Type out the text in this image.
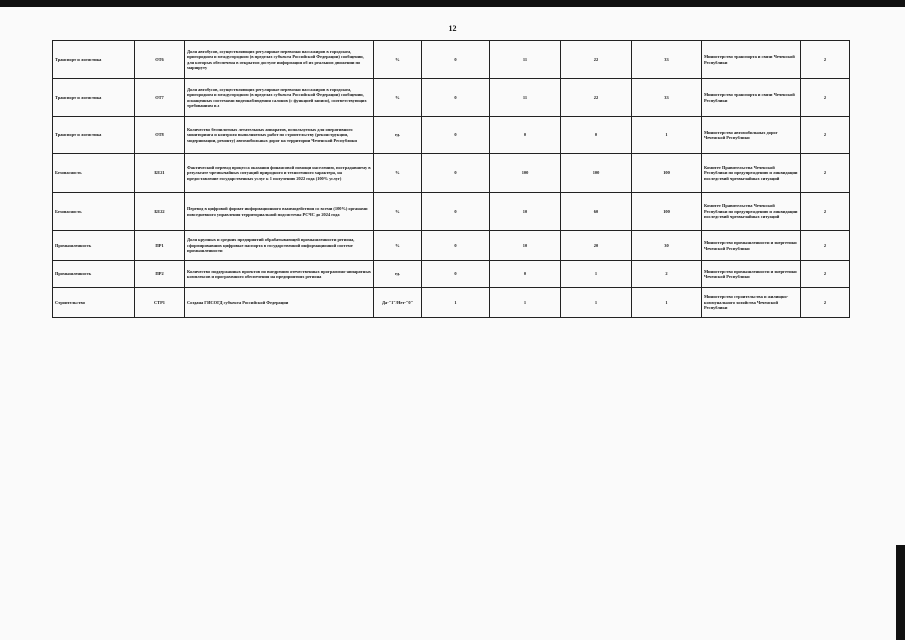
12
Транспорт и логистика	ОТ6	Доля автобусов, осуществляющих регулярные перевозки пассажиров в городском, пригородном и междугородном (в пределах субъекта Российской Федерации) сообщении, для которых обеспечена в открытом доступе информация об их реальном движении по маршруту	%	0	11	22	33	Министерство транспорта и связи Чеченской Республики	2
Транспорт и логистика	ОТ7	Доля автобусов, осуществляющих регулярные перевозки пассажиров в городском, пригородном и междугородном (в пределах субъекта Российской Федерации) сообщении, оснащенных системами видеонаблюдения салонов (с функцией записи), соответствующих требованиям п.з	%	0	11	22	33	Министерство транспорта и связи Чеченской Республики	2
Транспорт и логистика	ОТ8	Количество беспилотных летательных аппаратов, используемых для оперативного мониторинга и контроля выполняемых работ по строительству (реконструкции, модернизации, ремонту) автомобильных дорог на территории Чеченской Республики	ед.	0	0	0	1	Министерство автомобильных дорог Чеченской Республики	2
Безопасность	БЕ21	Фактический перевод процесса оказания финансовой помощи населению, пострадавшему в результате чрезвычайных ситуаций природного и техногенного характера, на предоставление государственных услуг к 1 получению 2022 года (100% услуг)	%	0	100	100	100	Комитет Правительства Чеченской Республики по предупреждению и ликвидации последствий чрезвычайных ситуаций	2
Безопасность	БЕ22	Перевод в цифровой формат информационного взаимодействия со всеми (100%) органами повседневного управления территориальной подсистемы РСЧС до 2024 года	%	0	10	60	100	Комитет Правительства Чеченской Республики по предупреждению и ликвидации последствий чрезвычайных ситуаций	2
Промышленность	ПР1	Доля крупных и средних предприятий обрабатывающей промышленности региона, сформировавших цифровые паспорта в государственной информационной системе промышленности	%	0	10	20	30	Министерство промышленности и энергетики Чеченской Республики	2
Промышленность	ПР2	Количество поддержанных проектов по внедрению отечественных программно-аппаратных комплексов и программного обеспечения на предприятиях региона	ед.	0	0	1	2	Министерство промышленности и энергетики Чеченской Республики	2
Строительство	СТР1	Создана ГИСОГД субъекта Российской Федерации	Да-"1"/Нет-"0"	1	1	1	1	Министерство строительства и жилищно-коммунального хозяйства Чеченской Республики	2
